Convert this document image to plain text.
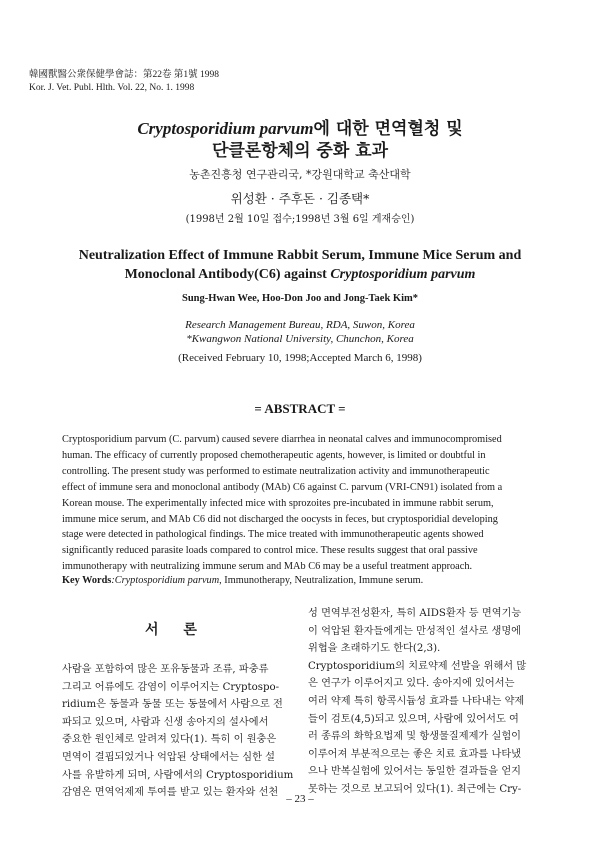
韓國獸醫公衆保健學會誌：第22卷 第1號 1998
Kor. J. Vet. Publ. Hlth. Vol. 22, No. 1. 1998
Cryptosporidium parvum에 대한 면역혈청 및
단클론항체의 중화 효과
농촌진흥청 연구관리국, *강원대학교 축산대학
위성환 · 주후돈 · 김종택*
(1998년 2월 10일 접수;1998년 3월 6일 게재승인)
Neutralization Effect of Immune Rabbit Serum, Immune Mice Serum and
Monoclonal Antibody(C6) against Cryptosporidium parvum
Sung-Hwan Wee, Hoo-Don Joo and Jong-Taek Kim*
Research Management Bureau, RDA, Suwon, Korea
*Kwangwon National University, Chunchon, Korea
(Received February 10, 1998;Accepted March 6, 1998)
= ABSTRACT =
Cryptosporidium parvum (C. parvum) caused severe diarrhea in neonatal calves and immunocompromised
human. The efficacy of currently proposed chemotherapeutic agents, however, is limited or doubtful in
controlling. The present study was performed to estimate neutralization activity and immunotherapeutic
effect of immune sera and monoclonal antibody (MAb) C6 against C. parvum (VRI-CN91) isolated from a
Korean mouse. The experimentally infected mice with sprozoites pre-incubated in immune rabbit serum,
immune mice serum, and MAb C6 did not discharged the oocysts in feces, but cryptosporidial developing
stage were detected in pathological findings. The mice treated with immunotherapeutic agents showed
significantly reduced parasite loads compared to control mice. These results suggest that oral passive
immunotherapy with neutralizing immune serum and MAb C6 may be a useful treatment approach.
Key Words:Cryptosporidium parvum, Immunotherapy, Neutralization, Immune serum.
서 론
사람을 포함하여 많은 포유동물과 조류, 파충류
그리고 어류에도 감염이 이루어지는 Cryptospo-
ridium은 동물과 동물 또는 동물에서 사람으로 전
파되고 있으며, 사람과 신생 송아지의 설사에서
중요한 원인체로 알려져 있다(1). 특히 이 원충은
면역이 결핍되었거나 억압된 상태에서는 심한 설
사를 유발하게 되며, 사람에서의 Cryptosporidium
감염은 면역억제제 투여를 받고 있는 환자와 선천
성 면역부전성환자, 특히 AIDS환자 등 면역기능
이 억압된 환자들에게는 만성적인 설사로 생명에
위협을 초래하기도 한다(2,3).
Cryptosporidium의 치료약제 선발을 위해서 많
은 연구가 이루어지고 있다. 송아지에 있어서는
여러 약제 특히 항콕시듐성 효과를 나타내는 약제
들이 검토(4,5)되고 있으며, 사람에 있어서도 여
러 종류의 화학요법제 및 항생물질제제가 실험이
이루어져 부분적으로는 좋은 치료 효과를 나타냈
으나 반복실험에 있어서는 동일한 결과들을 얻지
못하는 것으로 보고되어 있다(1). 최근에는 Cry-
– 23 –
